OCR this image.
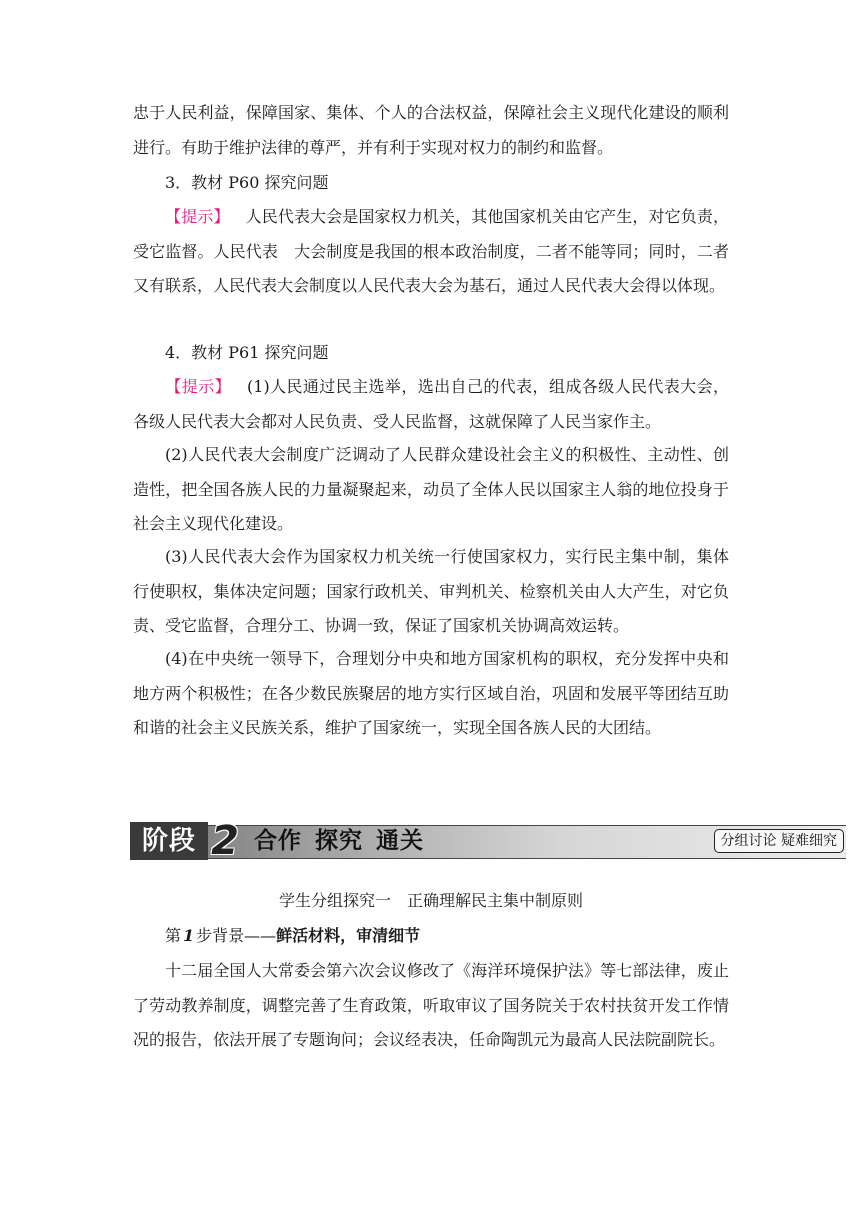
忠于人民利益，保障国家、集体、个人的合法权益，保障社会主义现代化建设的顺利进行。有助于维护法律的尊严，并有利于实现对权力的制约和监督。

3．教材 P60 探究问题

【提示】 人民代表大会是国家权力机关，其他国家机关由它产生，对它负责，受它监督。人民代表　大会制度是我国的根本政治制度，二者不能等同；同时，二者又有联系，人民代表大会制度以人民代表大会为基石，通过人民代表大会得以体现。

4．教材 P61 探究问题

【提示】 (1)人民通过民主选举，选出自己的代表，组成各级人民代表大会，各级人民代表大会都对人民负责、受人民监督，这就保障了人民当家作主。

(2)人民代表大会制度广泛调动了人民群众建设社会主义的积极性、主动性、创造性，把全国各族人民的力量凝聚起来，动员了全体人民以国家主人翁的地位投身于社会主义现代化建设。

(3)人民代表大会作为国家权力机关统一行使国家权力，实行民主集中制，集体行使职权，集体决定问题；国家行政机关、审判机关、检察机关由人大产生，对它负责、受它监督，合理分工、协调一致，保证了国家机关协调高效运转。

(4)在中央统一领导下，合理划分中央和地方国家机构的职权，充分发挥中央和地方两个积极性；在各少数民族聚居的地方实行区域自治，巩固和发展平等团结互助和谐的社会主义民族关系，维护了国家统一，实现全国各族人民的大团结。

阶段 2 合作 探究 通关	分组讨论 疑难细究

学生分组探究一　正确理解民主集中制原则

第 1 步背景——鲜活材料，审清细节

十二届全国人大常委会第六次会议修改了《海洋环境保护法》等七部法律，废止了劳动教养制度，调整完善了生育政策，听取审议了国务院关于农村扶贫开发工作情况的报告，依法开展了专题询问；会议经表决，任命陶凯元为最高人民法院副院长。
